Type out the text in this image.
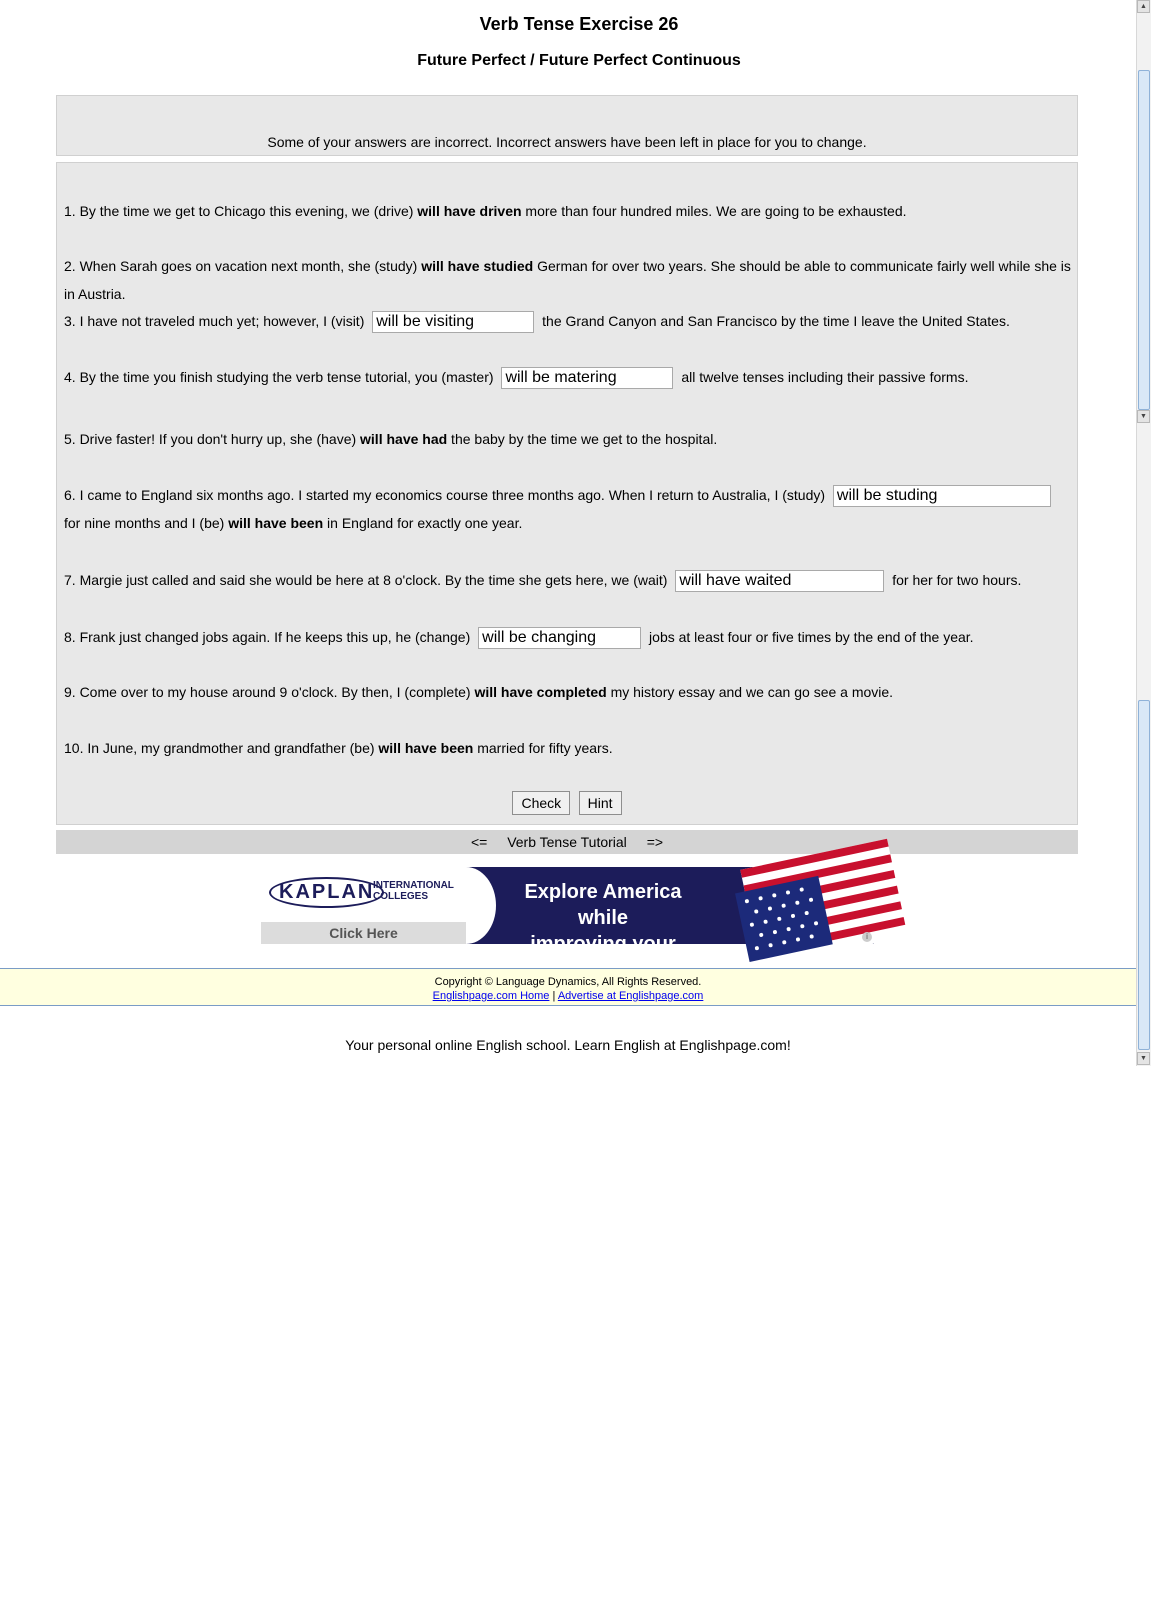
Verb Tense Exercise 26
Future Perfect / Future Perfect Continuous

Some of your answers are incorrect. Incorrect answers have been left in place for you to change.

1. By the time we get to Chicago this evening, we (drive) will have driven more than four hundred miles. We are going to be exhausted.
2. When Sarah goes on vacation next month, she (study) will have studied German for over two years. She should be able to communicate fairly well while she is in Austria.
3. I have not traveled much yet; however, I (visit) will be visiting	the Grand Canyon and San Francisco by the time I leave the United States.
4. By the time you finish studying the verb tense tutorial, you (master) will be matering	all twelve tenses including their passive forms.
5. Drive faster! If you don't hurry up, she (have) will have had the baby by the time we get to the hospital.
6. I came to England six months ago. I started my economics course three months ago. When I return to Australia, I (study) will be studing for nine months and I (be) will have been in England for exactly one year.
7. Margie just called and said she would be here at 8 o'clock. By the time she gets here, we (wait) will have waited	for her for two hours.
8. Frank just changed jobs again. If he keeps this up, he (change) will be changing	jobs at least four or five times by the end of the year.
9. Come over to my house around 9 o'clock. By then, I (complete) will have completed my history essay and we can go see a movie.
10. In June, my grandmother and grandfather (be) will have been married for fifty years.
Check Hint
<= Verb Tense Tutorial =>
KAPLAN
INTERNATIONAL
COLLEGES
Click Here
Explore America while
improving your	i
Copyright © Language Dynamics, All Rights Reserved.
Englishpage.com Home | Advertise at Englishpage.com
Your personal online English school. Learn English at Englishpage.com!
▲
▼
▼
